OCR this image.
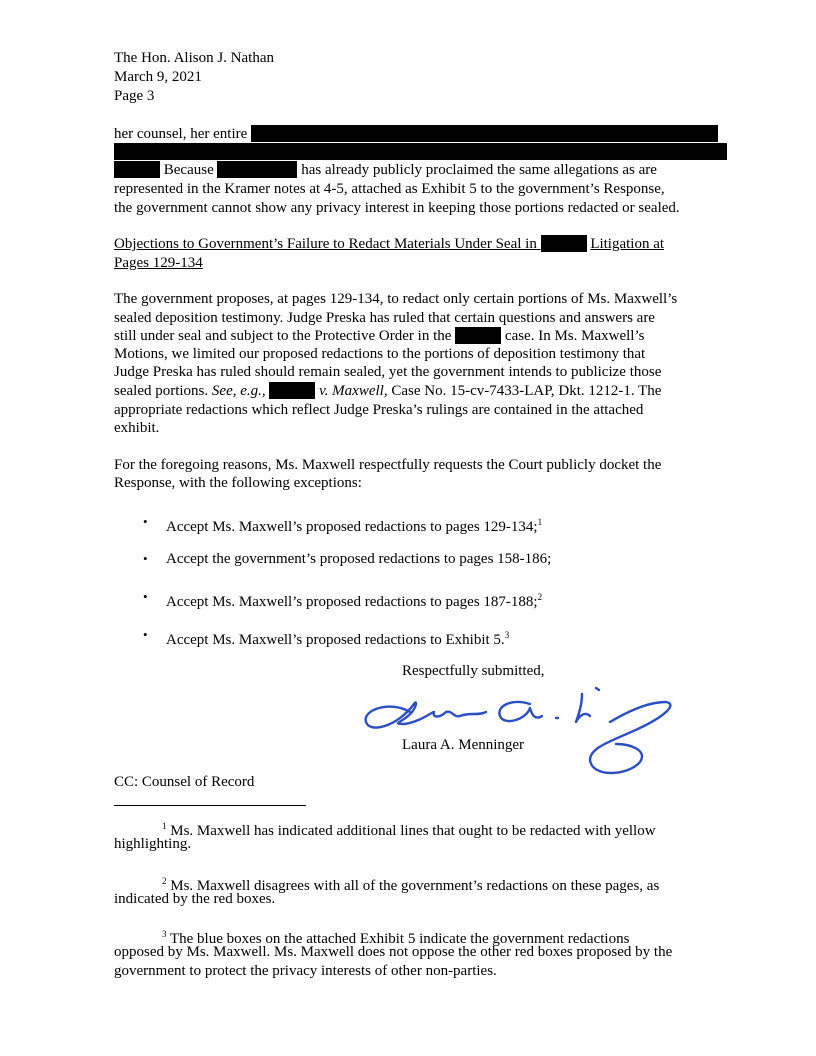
The Hon. Alison J. Nathan
March 9, 2021
Page 3
her counsel, her entire
Because	has already publicly proclaimed the same allegations as are
represented in the Kramer notes at 4-5, attached as Exhibit 5 to the government’s Response,
the government cannot show any privacy interest in keeping those portions redacted or sealed.
Objections to Government’s Failure to Redact Materials Under Seal in	Litigation at
Pages 129-134
The government proposes, at pages 129-134, to redact only certain portions of Ms. Maxwell’s
sealed deposition testimony. Judge Preska has ruled that certain questions and answers are
still under seal and subject to the Protective Order in the	case. In Ms. Maxwell’s
Motions, we limited our proposed redactions to the portions of deposition testimony that
Judge Preska has ruled should remain sealed, yet the government intends to publicize those
sealed portions. See, e.g.,	v. Maxwell, Case No. 15-cv-7433-LAP, Dkt. 1212-1. The
appropriate redactions which reflect Judge Preska’s rulings are contained in the attached
exhibit.
For the foregoing reasons, Ms. Maxwell respectfully requests the Court publicly docket the
Response, with the following exceptions:
• Accept Ms. Maxwell’s proposed redactions to pages 129-134;$^1$
• Accept the government’s proposed redactions to pages 158-186;
• Accept Ms. Maxwell’s proposed redactions to pages 187-188;$^2$
• Accept Ms. Maxwell’s proposed redactions to Exhibit 5.$^3$
Respectfully submitted,
Laura A. Menninger
CC: Counsel of Record
$^1$ Ms. Maxwell has indicated additional lines that ought to be redacted with yellow
highlighting.
$^2$ Ms. Maxwell disagrees with all of the government’s redactions on these pages, as
indicated by the red boxes.
$^3$ The blue boxes on the attached Exhibit 5 indicate the government redactions
opposed by Ms. Maxwell. Ms. Maxwell does not oppose the other red boxes proposed by the
government to protect the privacy interests of other non-parties.
